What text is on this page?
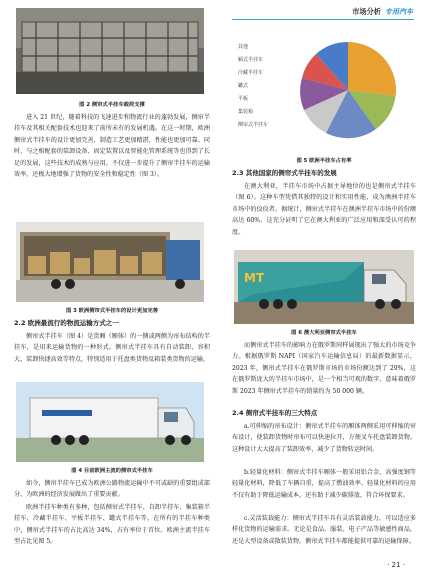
市场分析 专用汽车
图 2 侧帘式半挂车载荷支撑

进入 21 世纪，随着科技的飞速进步和物流行业的蓬勃发展，侧帘半挂车及其相关配套技术也迎来了前所未有的发展机遇。在这一时期，欧洲侧帘式半挂车的设计更加完善，制造工艺更加精湛，性能也更加可靠。同时，与之相配套的装卸设备、固定装置以及智能化管理系统等也得到了长足的发展，这些技术的成熟与应用，不仅进一步提升了侧帘半挂车的运输效率，还极大地增强了货物的安全性和稳定性（图 3）。

图 3 欧洲侧帘式半挂车的设计更加完善
2.2 欧洲最流行的物流运输方式之一

侧帘式半挂车（图 4）是货厢（厢体）的一侧或两侧为帘布结构的半挂车，是用来运输货物的一种形式。侧帘式半挂车具有自动装卸、容积大、装卸快捷高效等特点，特别适用于托盘类货物及箱装类货物的运输。

图 4 目前欧洲主流的侧帘式半挂车

如今，侧帘半挂车已成为欧洲公路物流运输中不可或缺的重要组成部分，为欧洲的经济发展做出了重要贡献。

欧洲半挂车种类有多种，包括侧帘式半挂车、自卸半挂车、集装箱半挂车、冷藏半挂车、平板半挂车、罐式半挂车等。在所有的半挂车种类中，侧帘式半挂车的占比高达 34%，占有率位于首位。欧洲主流半挂车型占比见图 5。

其他
厢式半挂车
冷藏半挂车
罐式
平板
集装箱
侧帘式半挂车
图 5 欧洲半挂车占有率
2.3 其他国家的侧帘式半挂车的发展

在澳大利亚，半挂车市场中占据主导地位的也是侧帘式半挂车（图 6）。这种车型凭借其独特的设计和实用性能，成为澳洲半挂车市场中的佼佼者。据统计，侧帘式半挂车在澳洲半挂车市场中的份额高达 60%，这充分证明了它在澳大利亚的广泛应用和深受认可的程度。

MT
图 6 澳大利亚侧帘式半挂车

而侧帘式半挂车的影响力在俄罗斯同样展现出了强大的市场竞争力。根据俄罗斯 NAPI（国家汽车运输信息局）的最新数据显示，2023 年，侧帘式半挂车在俄罗斯市场的市场份额达到了 29%，这在俄罗斯庞大的半挂车市场中，是一个相当可观的数字，意味着俄罗斯 2023 年侧帘式半挂车的销量约为 50 000 辆。

2.4 侧帘式半挂车的三大特点

a.可伸缩的帘布设计：侧帘式半挂车的厢体两侧采用可伸缩的帘布设计，使装卸货物时帘布可以快速拉开，方便叉车托盘装卸货物。这种设计大大提高了装卸效率，减少了货物转运时间。

b.轻量化材料：侧帘式半挂车厢体一般采用铝合金、高强度钢等轻量化材料，降低了车辆自重，提高了燃油效率。轻量化材料的应用不仅有助于降低运输成本，还有助于减少碳排放，符合环保要求。

c.灵活装载能力：侧帘式半挂车具有灵活装载能力，可以适应多样化货物的运输需求。无论是食品、服装、电子产品等敏感性商品，还是大型设备或散装货物，侧帘式半挂车都能提供可靠的运输保障。

· 21 ·
